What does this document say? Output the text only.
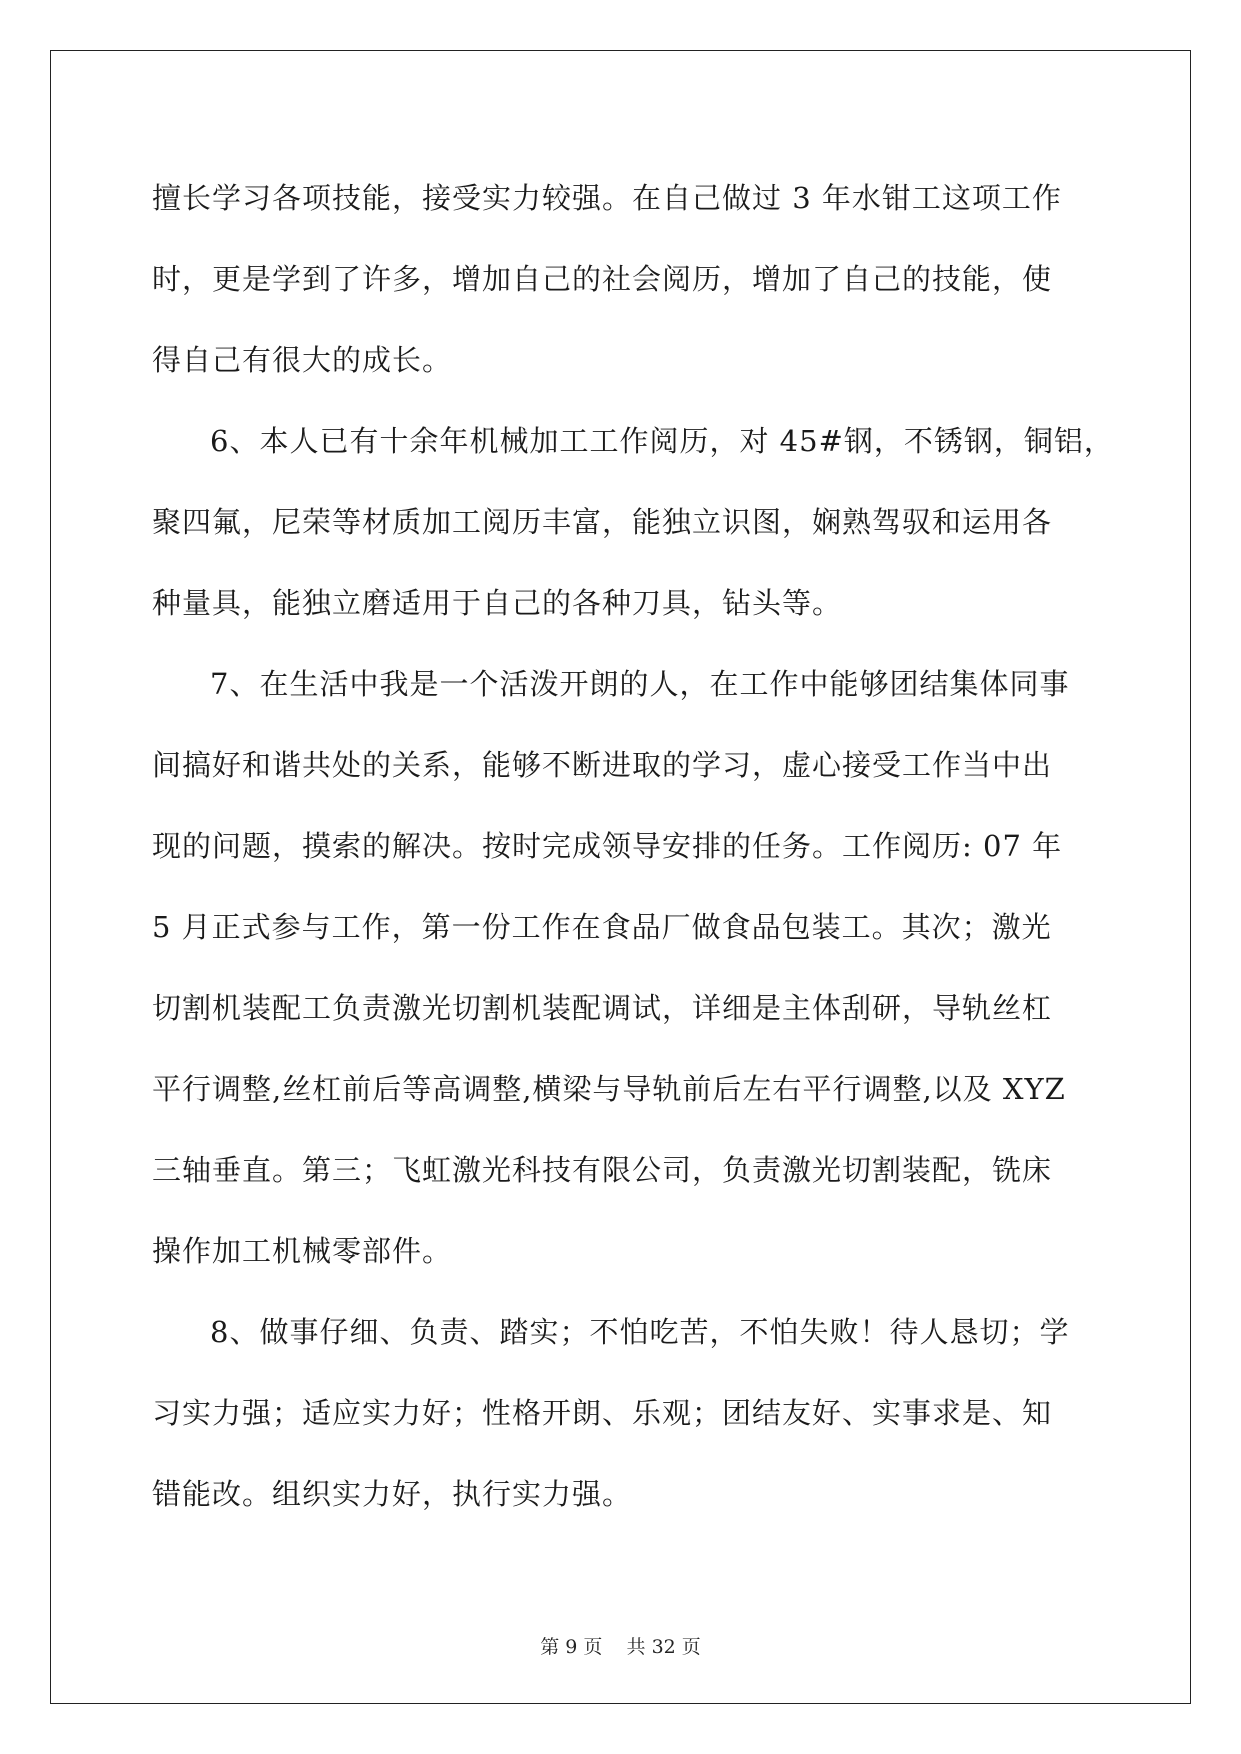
擅长学习各项技能，接受实力较强。在自己做过 3 年水钳工这项工作
时，更是学到了许多，增加自己的社会阅历，增加了自己的技能，使
得自己有很大的成长。
6、本人已有十余年机械加工工作阅历，对 45#钢，不锈钢，铜铝，
聚四氟，尼荣等材质加工阅历丰富，能独立识图，娴熟驾驭和运用各
种量具，能独立磨适用于自己的各种刀具，钻头等。
7、在生活中我是一个活泼开朗的人，在工作中能够团结集体同事
间搞好和谐共处的关系，能够不断进取的学习，虚心接受工作当中出
现的问题，摸索的解决。按时完成领导安排的任务。工作阅历: 07 年
5 月正式参与工作，第一份工作在食品厂做食品包装工。其次；激光
切割机装配工负责激光切割机装配调试，详细是主体刮研，导轨丝杠
平行调整,丝杠前后等高调整,横梁与导轨前后左右平行调整,以及 XYZ
三轴垂直。第三；飞虹激光科技有限公司，负责激光切割装配，铣床
操作加工机械零部件。
8、做事仔细、负责、踏实；不怕吃苦，不怕失败！待人恳切；学
习实力强；适应实力好；性格开朗、乐观；团结友好、实事求是、知
错能改。组织实力好，执行实力强。
第 9 页 共 32 页
